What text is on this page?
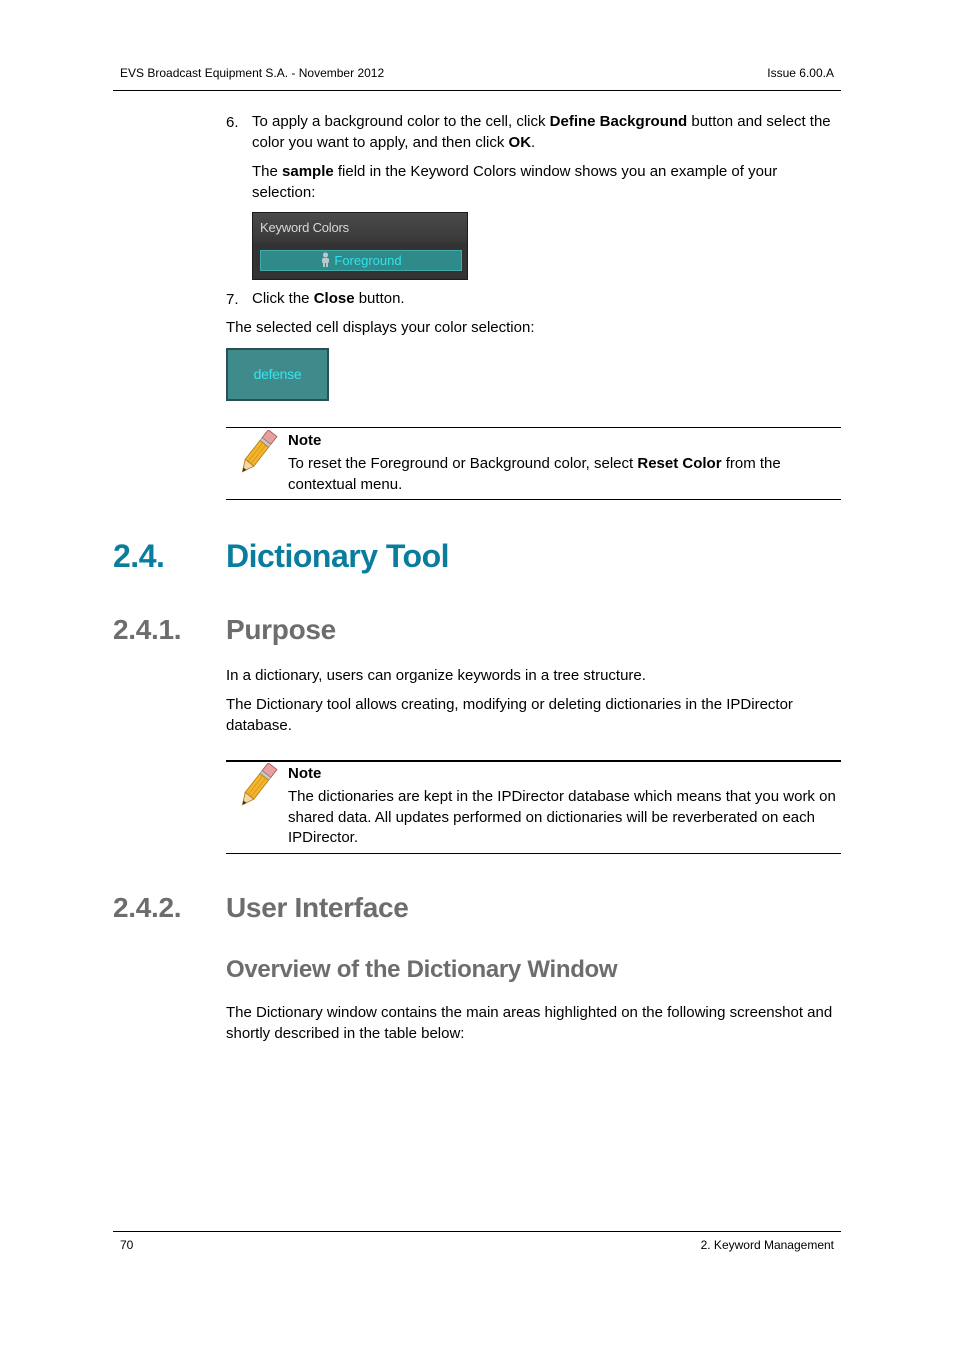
EVS Broadcast Equipment S.A. - November 2012	Issue 6.00.A
6. To apply a background color to the cell, click Define Background button and select the color you want to apply, and then click OK.
The sample field in the Keyword Colors window shows you an example of your selection:
Keyword Colors
Foreground
7. Click the Close button.
The selected cell displays your color selection:
defense
Note
To reset the Foreground or Background color, select Reset Color from the contextual menu.
2.4. Dictionary Tool
2.4.1. Purpose
In a dictionary, users can organize keywords in a tree structure.
The Dictionary tool allows creating, modifying or deleting dictionaries in the IPDirector database.
Note
The dictionaries are kept in the IPDirector database which means that you work on shared data. All updates performed on dictionaries will be reverberated on each IPDirector.
2.4.2. User Interface
Overview of the Dictionary Window
The Dictionary window contains the main areas highlighted on the following screenshot and shortly described in the table below:
70	2. Keyword Management
